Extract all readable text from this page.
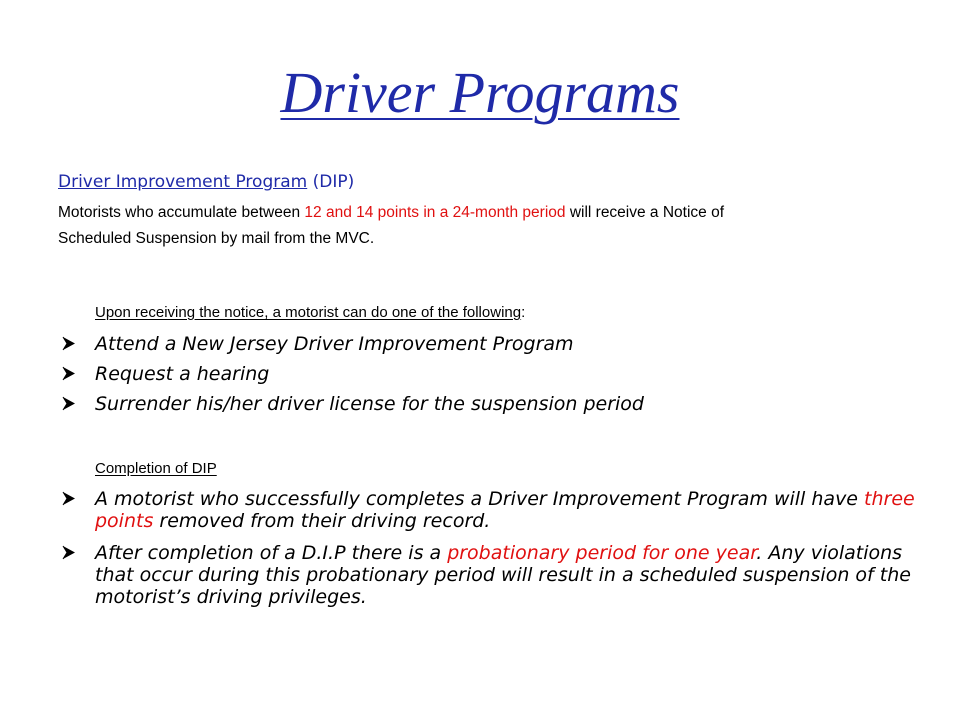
Driver Programs
Driver Improvement Program (DIP)
Motorists who accumulate between 12 and 14 points in a 24-month period will receive a Notice of Scheduled Suspension by mail from the MVC.
Upon receiving the notice, a motorist can do one of the following:
Attend a New Jersey Driver Improvement Program
Request a hearing
Surrender his/her driver license for the suspension period
Completion of DIP
A motorist who successfully completes a Driver Improvement Program will have three points removed from their driving record.
After completion of a D.I.P there is a probationary period for one year. Any violations that occur during this probationary period will result in a scheduled suspension of the motorist’s driving privileges.
